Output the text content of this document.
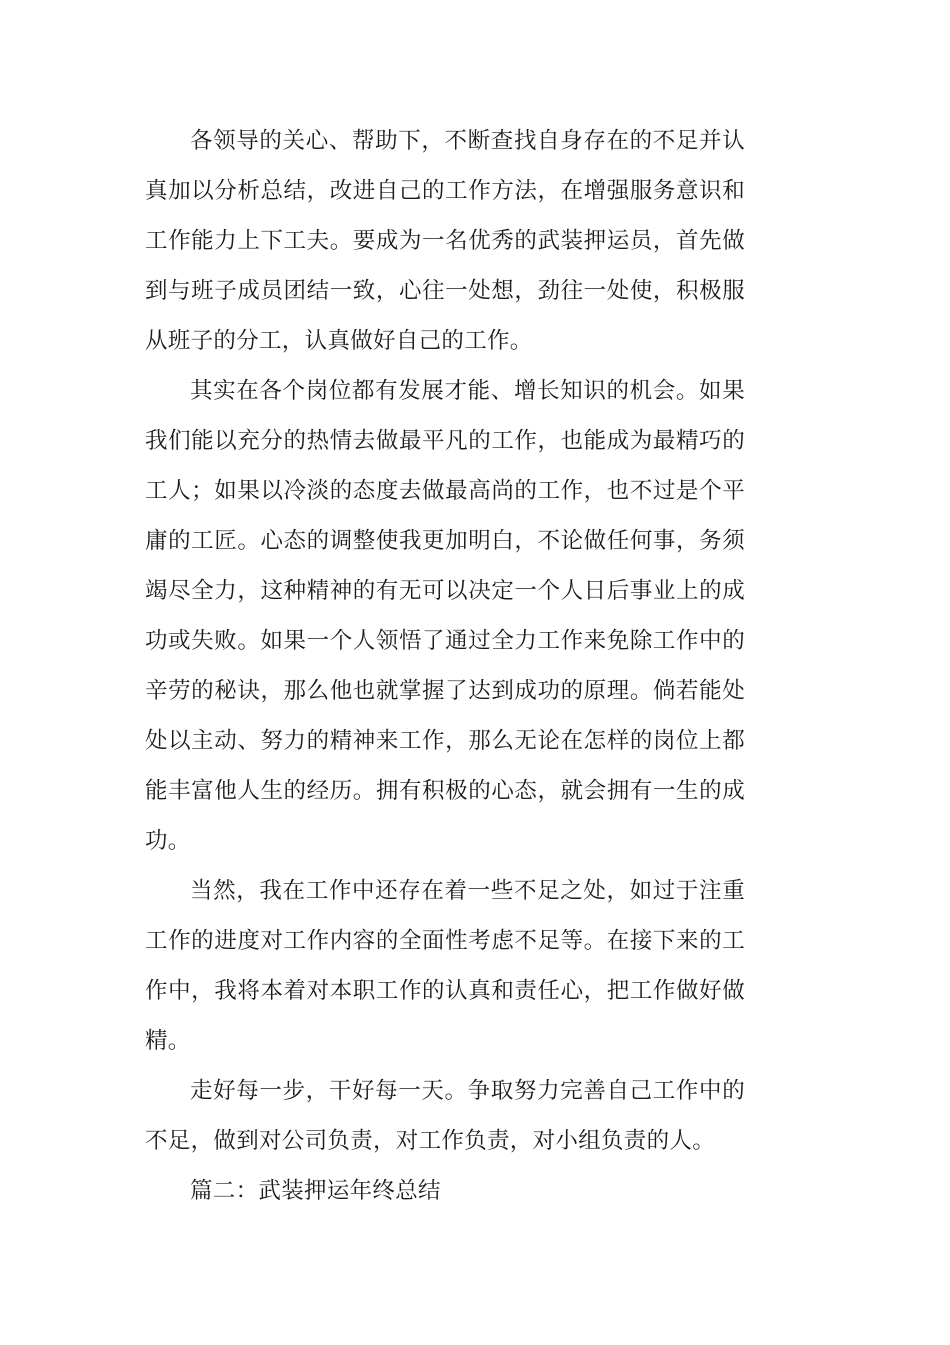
各领导的关心、帮助下，不断查找自身存在的不足并认真加以分析总结，改进自己的工作方法，在增强服务意识和工作能力上下工夫。要成为一名优秀的武装押运员，首先做到与班子成员团结一致，心往一处想，劲往一处使，积极服从班子的分工，认真做好自己的工作。

其实在各个岗位都有发展才能、增长知识的机会。如果我们能以充分的热情去做最平凡的工作，也能成为最精巧的工人；如果以冷淡的态度去做最高尚的工作，也不过是个平庸的工匠。心态的调整使我更加明白，不论做任何事，务须竭尽全力，这种精神的有无可以决定一个人日后事业上的成功或失败。如果一个人领悟了通过全力工作来免除工作中的辛劳的秘诀，那么他也就掌握了达到成功的原理。倘若能处处以主动、努力的精神来工作，那么无论在怎样的岗位上都能丰富他人生的经历。拥有积极的心态，就会拥有一生的成功。

当然，我在工作中还存在着一些不足之处，如过于注重工作的进度对工作内容的全面性考虑不足等。在接下来的工作中，我将本着对本职工作的认真和责任心，把工作做好做精。

走好每一步，干好每一天。争取努力完善自己工作中的不足，做到对公司负责，对工作负责，对小组负责的人。

篇二：武装押运年终总结
